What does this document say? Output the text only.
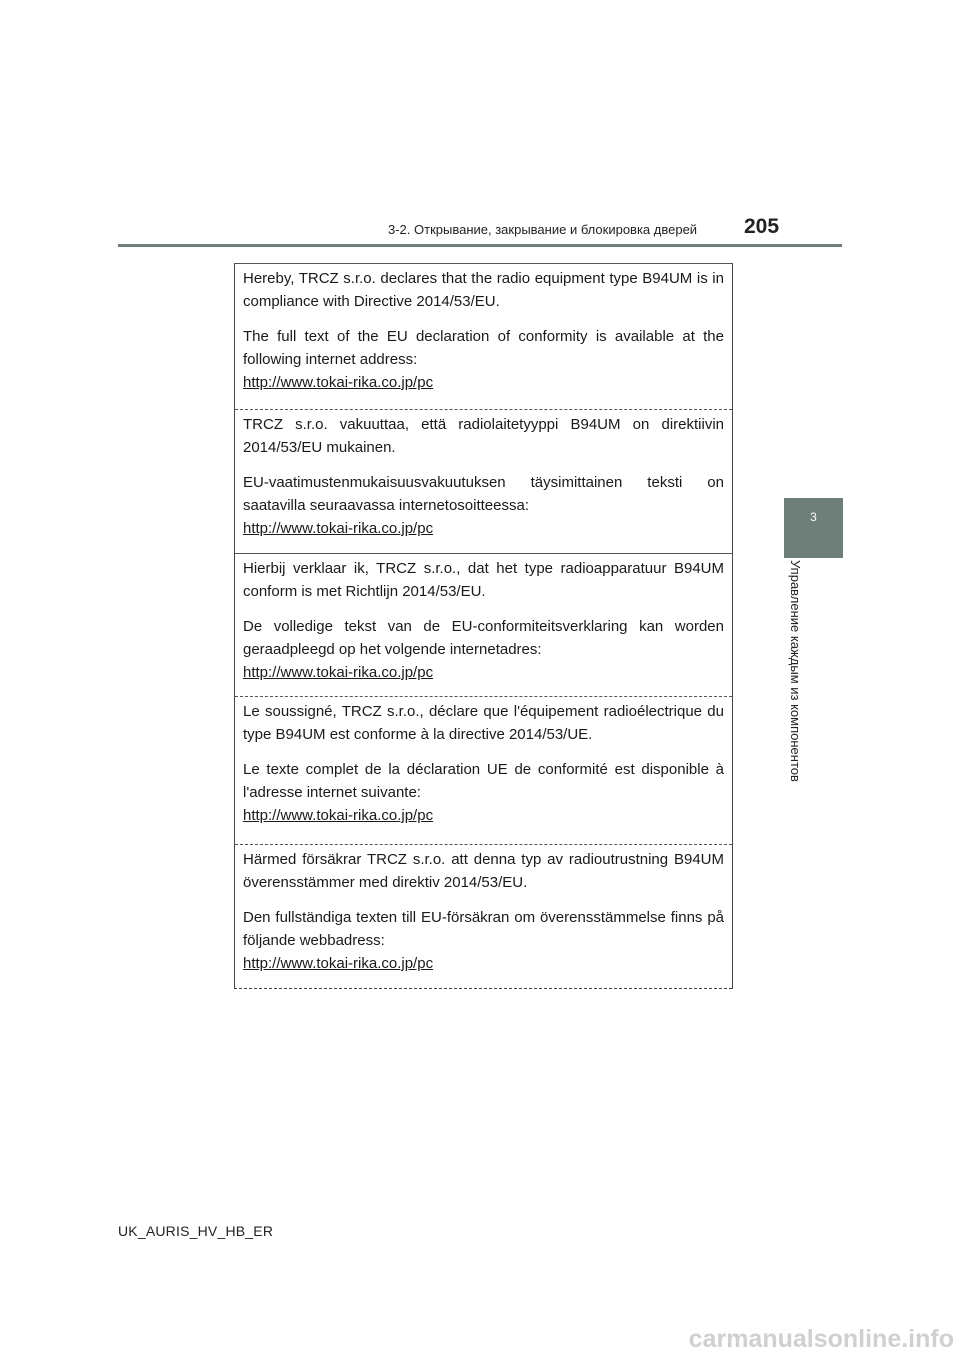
3-2. Открывание, закрывание и блокировка дверей 205
3
Управление каждым из компонентов

Hereby, TRCZ s.r.o. declares that the radio equipment type B94UM is in compliance with Directive 2014/53/EU.

The full text of the EU declaration of conformity is available at the following internet address:

http://www.tokai-rika.co.jp/pc

TRCZ s.r.o. vakuuttaa, että radiolaitetyyppi B94UM on direktiivin 2014/53/EU mukainen.

EU-vaatimustenmukaisuusvakuutuksen täysimittainen teksti on saatavilla seuraavassa internetosoitteessa:

http://www.tokai-rika.co.jp/pc

Hierbij verklaar ik, TRCZ s.r.o., dat het type radioapparatuur B94UM conform is met Richtlijn 2014/53/EU.

De volledige tekst van de EU-conformiteitsverklaring kan worden geraadpleegd op het volgende internetadres:

http://www.tokai-rika.co.jp/pc

Le soussigné, TRCZ s.r.o., déclare que l'équipement radioélectrique du type B94UM est conforme à la directive 2014/53/UE.

Le texte complet de la déclaration UE de conformité est disponible à l'adresse internet suivante:

http://www.tokai-rika.co.jp/pc

Härmed försäkrar TRCZ s.r.o. att denna typ av radioutrustning B94UM överensstämmer med direktiv 2014/53/EU.

Den fullständiga texten till EU-försäkran om överensstämmelse finns på följande webbadress:

http://www.tokai-rika.co.jp/pc
UK_AURIS_HV_HB_ER
carmanualsonline.info
